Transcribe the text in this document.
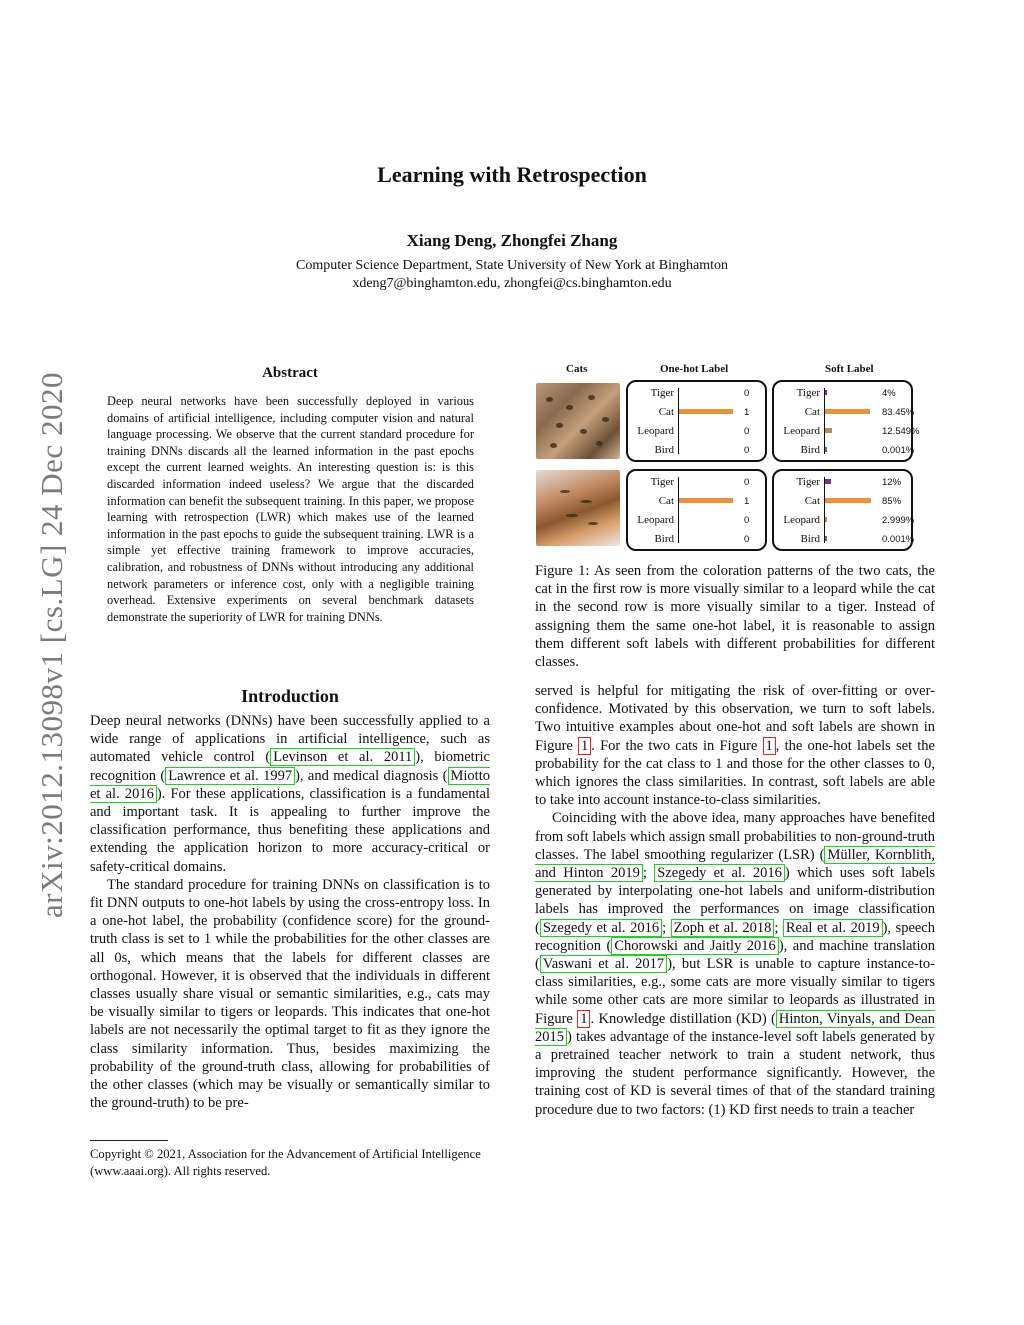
Learning with Retrospection
Xiang Deng, Zhongfei Zhang
Computer Science Department, State University of New York at Binghamton
xdeng7@binghamton.edu, zhongfei@cs.binghamton.edu
arXiv:2012.13098v1 [cs.LG] 24 Dec 2020	Abstract
Deep neural networks have been successfully deployed in various domains of artificial intelligence, including computer vision and natural language processing. We observe that the current standard procedure for training DNNs discards all the learned information in the past epochs except the current learned weights. An interesting question is: is this discarded information indeed useless? We argue that the discarded information can benefit the subsequent training. In this paper, we propose learning with retrospection (LWR) which makes use of the learned information in the past epochs to guide the subsequent training. LWR is a simple yet effective training framework to improve accuracies, calibration, and robustness of DNNs without introducing any additional network parameters or inference cost, only with a negligible training overhead. Extensive experiments on several benchmark datasets demonstrate the superiority of LWR for training DNNs.
Introduction

Deep neural networks (DNNs) have been successfully applied to a wide range of applications in artificial intelligence, such as automated vehicle control ( Levinson et al. 2011 ), biometric recognition ( Lawrence et al. 1997 ), and medical diagnosis ( Miotto et al. 2016 ). For these applications, classification is a fundamental and important task. It is appealing to further improve the classification performance, thus benefiting these applications and extending the application horizon to more accuracy-critical or safety-critical domains.

The standard procedure for training DNNs on classification is to fit DNN outputs to one-hot labels by using the cross-entropy loss. In a one-hot label, the probability (confidence score) for the ground-truth class is set to 1 while the probabilities for the other classes are all 0s, which means that the labels for different classes are orthogonal. However, it is observed that the individuals in different classes usually share visual or semantic similarities, e.g., cats may be visually similar to tigers or leopards. This indicates that one-hot labels are not necessarily the optimal target to fit as they ignore the class similarity information. Thus, besides maximizing the probability of the ground-truth class, allowing for probabilities of the other classes (which may be visually or semantically similar to the ground-truth) to be pre-

Copyright © 2021, Association for the Advancement of Artificial Intelligence (www.aaai.org). All rights reserved.
Cats	One-hot Label	Soft Label
Tiger	0
Cat	1
Leopard	0
Bird	0
Tiger	4%
Cat	83.45%
Leopard	12.549%
Bird	0.001%
Tiger	0
Cat	1
Leopard	0
Bird	0
Tiger	12%
Cat	85%
Leopard	2.999%
Bird	0.001%
Figure 1: As seen from the coloration patterns of the two cats, the cat in the first row is more visually similar to a leopard while the cat in the second row is more visually similar to a tiger. Instead of assigning them the same one-hot label, it is reasonable to assign them different soft labels with different probabilities for different classes.

served is helpful for mitigating the risk of over-fitting or over-confidence. Motivated by this observation, we turn to soft labels. Two intuitive examples about one-hot and soft labels are shown in Figure 1 . For the two cats in Figure 1 , the one-hot labels set the probability for the cat class to 1 and those for the other classes to 0, which ignores the class similarities. In contrast, soft labels are able to take into account instance-to-class similarities.

Coinciding with the above idea, many approaches have benefited from soft labels which assign small probabilities to non-ground-truth classes. The label smoothing regularizer (LSR) ( Müller, Kornblith, and Hinton 2019 ; Szegedy et al. 2016 ) which uses soft labels generated by interpolating one-hot labels and uniform-distribution labels has improved the performances on image classification ( Szegedy et al. 2016 ; Zoph et al. 2018 ; Real et al. 2019 ), speech recognition ( Chorowski and Jaitly 2016 ), and machine translation ( Vaswani et al. 2017 ), but LSR is unable to capture instance-to-class similarities, e.g., some cats are more visually similar to tigers while some other cats are more similar to leopards as illustrated in Figure 1 . Knowledge distillation (KD) ( Hinton, Vinyals, and Dean 2015 ) takes advantage of the instance-level soft labels generated by a pretrained teacher network to train a student network, thus improving the student performance significantly. However, the training cost of KD is several times of that of the standard training procedure due to two factors: (1) KD first needs to train a teacher
